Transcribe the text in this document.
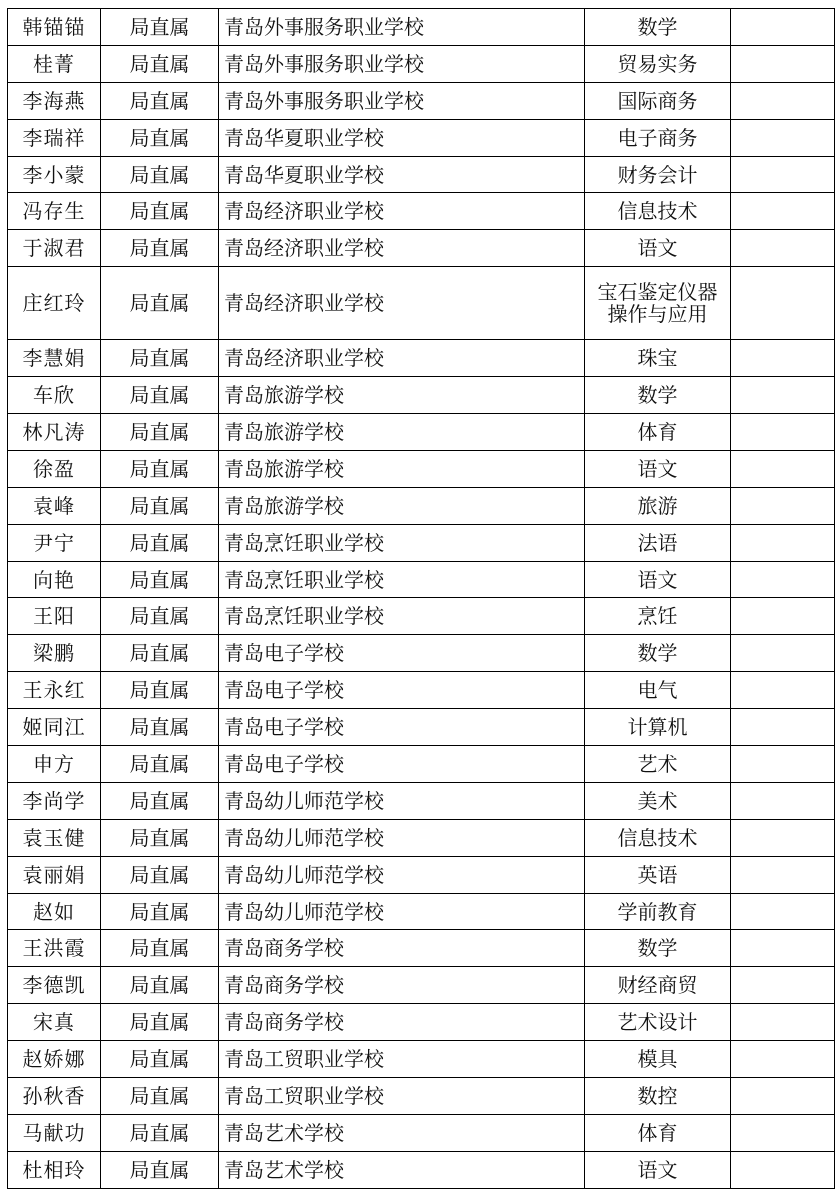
韩锚锚	局直属	青岛外事服务职业学校	数学	
桂菁	局直属	青岛外事服务职业学校	贸易实务	
李海燕	局直属	青岛外事服务职业学校	国际商务	
李瑞祥	局直属	青岛华夏职业学校	电子商务	
李小蒙	局直属	青岛华夏职业学校	财务会计	
冯存生	局直属	青岛经济职业学校	信息技术	
于淑君	局直属	青岛经济职业学校	语文	
庄红玲	局直属	青岛经济职业学校	宝石鉴定仪器
操作与应用	

李慧娟	局直属	青岛经济职业学校	珠宝	
车欣	局直属	青岛旅游学校	数学	
林凡涛	局直属	青岛旅游学校	体育	
徐盈	局直属	青岛旅游学校	语文	
袁峰	局直属	青岛旅游学校	旅游	
尹宁	局直属	青岛烹饪职业学校	法语	
向艳	局直属	青岛烹饪职业学校	语文	
王阳	局直属	青岛烹饪职业学校	烹饪	
梁鹏	局直属	青岛电子学校	数学	
王永红	局直属	青岛电子学校	电气	
姬同江	局直属	青岛电子学校	计算机	
申方	局直属	青岛电子学校	艺术	
李尚学	局直属	青岛幼儿师范学校	美术	
袁玉健	局直属	青岛幼儿师范学校	信息技术	
袁丽娟	局直属	青岛幼儿师范学校	英语	
赵如	局直属	青岛幼儿师范学校	学前教育	
王洪霞	局直属	青岛商务学校	数学	
李德凯	局直属	青岛商务学校	财经商贸	
宋真	局直属	青岛商务学校	艺术设计	
赵娇娜	局直属	青岛工贸职业学校	模具	
孙秋香	局直属	青岛工贸职业学校	数控	
马献功	局直属	青岛艺术学校	体育	
杜相玲	局直属	青岛艺术学校	语文	
